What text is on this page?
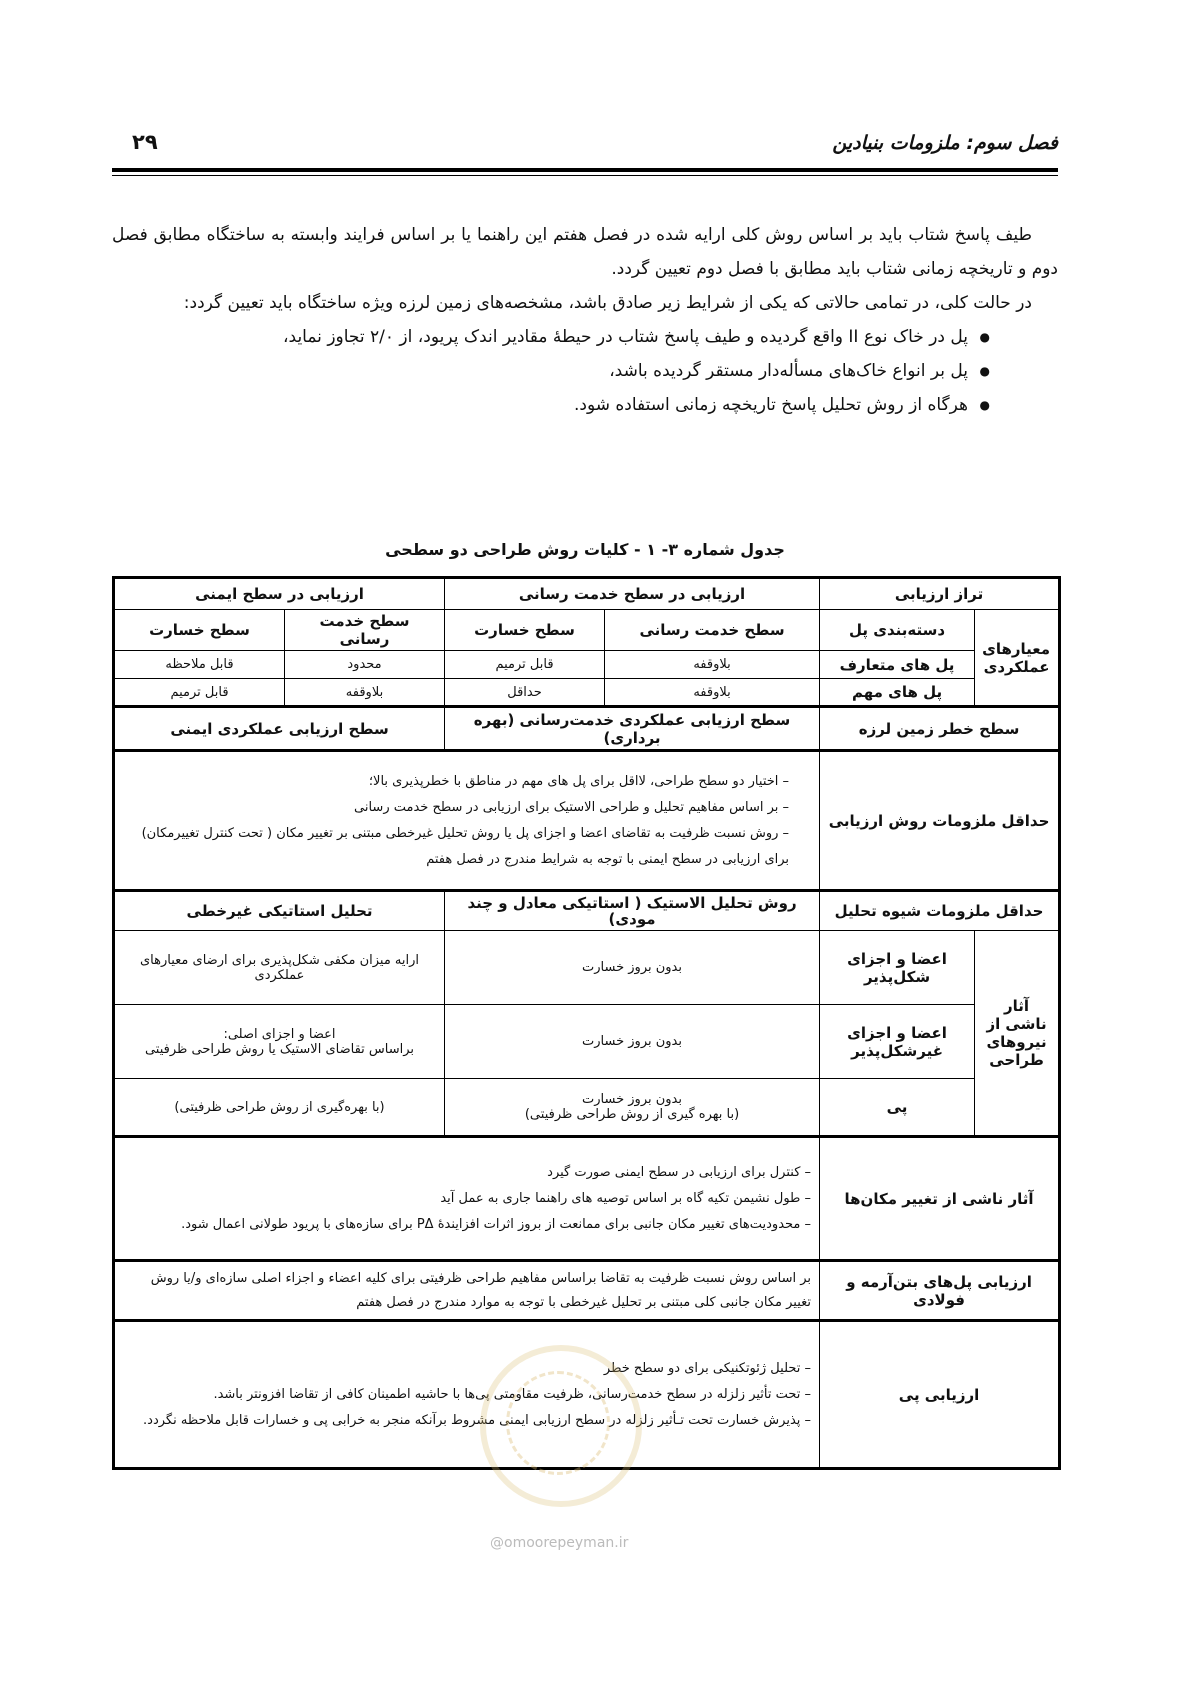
فصل سوم: ملزومات بنیادین
۲۹

طیف پاسخ شتاب باید بر اساس روش کلی ارایه شده در فصل هفتم این راهنما یا بر اساس فرایند وابسته به ساختگاه مطابق فصل دوم و تاریخچه زمانی شتاب باید مطابق با فصل دوم تعیین گردد.

در حالت کلی، در تمامی حالاتی که یکی از شرایط زیر صادق باشد، مشخصه‌های زمین لرزه ویژه ساختگاه باید تعیین گردد:

● پل در خاک نوع II واقع گردیده و طیف پاسخ شتاب در حیطهٔ مقادیر اندک پریود، از ۲/۰ تجاوز نماید،
● پل بر انواع خاک‌های مسأله‌دار مستقر گردیده باشد،
● هرگاه از روش تحلیل پاسخ تاریخچه زمانی استفاده شود.
جدول شماره ۳- ۱ - کلیات روش طراحی دو سطحی
تراز ارزیابی		ارزیابی در سطح خدمت رسانی		ارزیابی در سطح ایمنی	
معیارهای عملکردی	دسته‌بندی پل	سطح خدمت رسانی	سطح خسارت	سطح خدمت رسانی	سطح خسارت
	پل های متعارف	بلاوقفه	قابل ترمیم	محدود	قابل ملاحظه
	پل های مهم	بلاوقفه	حداقل	بلاوقفه	قابل ترمیم
سطح خطر زمین لرزه		سطح ارزیابی عملکردی خدمت‌رسانی (بهره برداری)		سطح ارزیابی عملکردی ایمنی	
حداقل ملزومات روش ارزیابی		– اختیار دو سطح طراحی، لااقل برای پل های مهم در مناطق با خطرپذیری بالا؛
– بر اساس مفاهیم تحلیل و طراحی الاستیک برای ارزیابی در سطح خدمت رسانی
– روش نسبت ظرفیت به تقاضای اعضا و اجزای پل یا روش تحلیل غیرخطی مبتنی بر تغییر مکان ( تحت کنترل تغییرمکان) برای ارزیابی در سطح ایمنی با توجه به شرایط مندرج در فصل هفتم			

حداقل ملزومات شیوه تحلیل		روش تحلیل الاستیک ( استاتیکی معادل و چند مودی)		تحلیل استاتیکی غیرخطی	
آثار ناشی از نیروهای طراحی	اعضا و اجزای شکل‌پذیر	بدون بروز خسارت		ارایه میزان مکفی شکل‌پذیری برای ارضای معیارهای عملکردی	
	اعضا و اجزای غیرشکل‌پذیر	بدون بروز خسارت		اعضا و اجزای اصلی:
براساس تقاضای الاستیک یا روش طراحی ظرفیتی	

	پی	بدون بروز خسارت
(با بهره گیری از روش طراحی ظرفیتی)		(با بهره‌گیری از روش طراحی ظرفیتی)	
آثار ناشی از تغییر مکان‌ها		– کنترل برای ارزیابی در سطح ایمنی صورت گیرد
– طول نشیمن تکیه گاه بر اساس توصیه های راهنما جاری به عمل آید
– محدودیت‌های تغییر مکان جانبی برای ممانعت از بروز اثرات افزایندهٔ PΔ برای سازه‌های با پریود طولانی اعمال شود.			

ارزیابی پل‌های بتن‌آرمه و فولادی		بر اساس روش نسبت ظرفیت به تقاضا براساس مفاهیم طراحی ظرفیتی برای کلیه اعضاء و اجزاء اصلی سازه‌ای و/یا روش تغییر مکان جانبی کلی مبتنی بر تحلیل غیرخطی با توجه به موارد مندرج در فصل هفتم			
ارزیابی پی		– تحلیل ژئوتکنیکی برای دو سطح خطر
– تحت تأثیر زلزله در سطح خدمت‌رسانی، ظرفیت مقاومتی پی‌ها با حاشیه اطمینان کافی از تقاضا افزونتر باشد.
– پذیرش خسارت تحت تـأثیر زلزله در سطح ارزیابی ایمنی مشروط برآنکه منجر به خرابی پی و خسارات قابل ملاحظه نگردد.			
@omoorepeyman.ir
